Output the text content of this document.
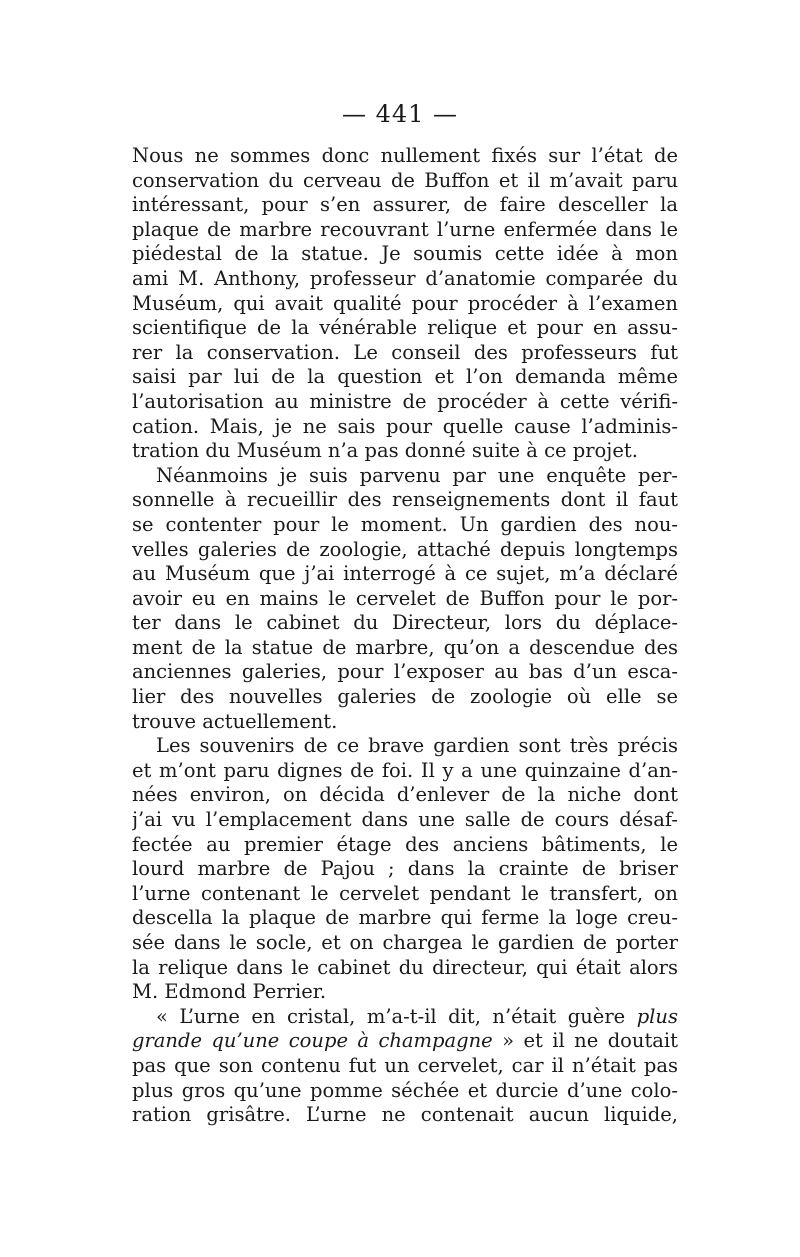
— 441 —
Nous ne sommes donc nullement fixés sur l’état de
conservation du cerveau de Buffon et il m’avait paru
intéressant, pour s’en assurer, de faire desceller la
plaque de marbre recouvrant l’urne enfermée dans le
piédestal de la statue. Je soumis cette idée à mon
ami M. Anthony, professeur d’anatomie comparée du
Muséum, qui avait qualité pour procéder à l’examen
scientifique de la vénérable relique et pour en assu-
rer la conservation. Le conseil des professeurs fut
saisi par lui de la question et l’on demanda même
l’autorisation au ministre de procéder à cette vérifi-
cation. Mais, je ne sais pour quelle cause l’adminis-
tration du Muséum n’a pas donné suite à ce projet.
Néanmoins je suis parvenu par une enquête per-
sonnelle à recueillir des renseignements dont il faut
se contenter pour le moment. Un gardien des nou-
velles galeries de zoologie, attaché depuis longtemps
au Muséum que j’ai interrogé à ce sujet, m’a déclaré
avoir eu en mains le cervelet de Buffon pour le por-
ter dans le cabinet du Directeur, lors du déplace-
ment de la statue de marbre, qu’on a descendue des
anciennes galeries, pour l’exposer au bas d’un esca-
lier des nouvelles galeries de zoologie où elle se
trouve actuellement.
Les souvenirs de ce brave gardien sont très précis
et m’ont paru dignes de foi. Il y a une quinzaine d’an-
nées environ, on décida d’enlever de la niche dont
j’ai vu l’emplacement dans une salle de cours désaf-
fectée au premier étage des anciens bâtiments, le
lourd marbre de Pajou ; dans la crainte de briser
l’urne contenant le cervelet pendant le transfert, on
descella la plaque de marbre qui ferme la loge creu-
sée dans le socle, et on chargea le gardien de porter
la relique dans le cabinet du directeur, qui était alors
M. Edmond Perrier.
« L’urne en cristal, m’a-t-il dit, n’était guère plus
grande qu’une coupe à champagne » et il ne doutait
pas que son contenu fut un cervelet, car il n’était pas
plus gros qu’une pomme séchée et durcie d’une colo-
ration grisâtre. L’urne ne contenait aucun liquide,
